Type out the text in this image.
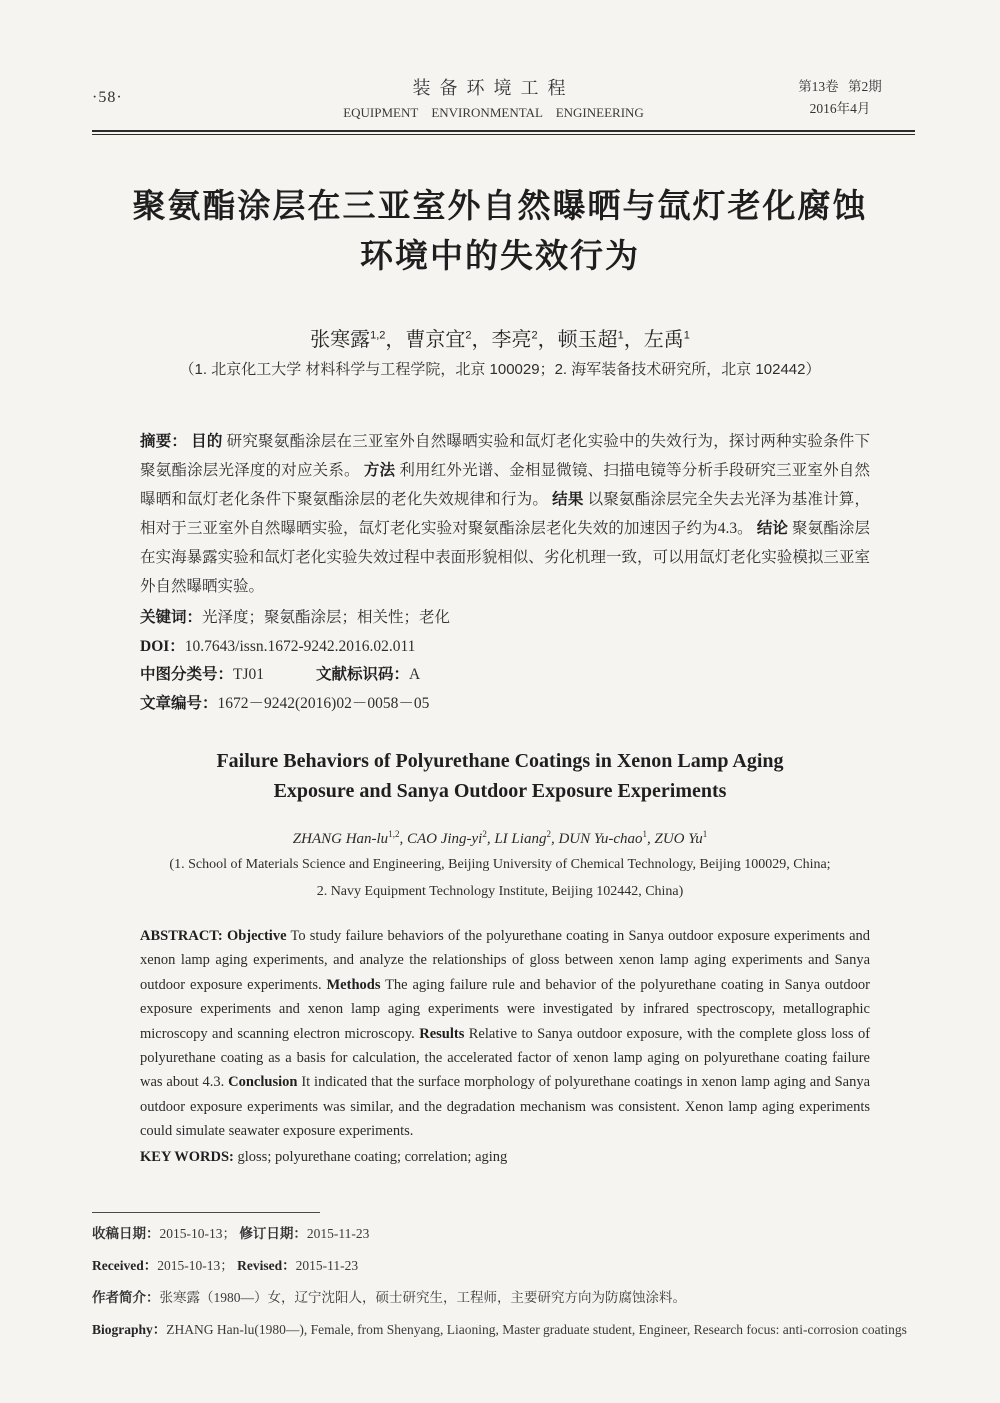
·58·	装备环境工程
EQUIPMENT ENVIRONMENTAL ENGINEERING
第13卷 第2期
2016年4月
聚氨酯涂层在三亚室外自然曝晒与氙灯老化腐蚀
环境中的失效行为
张寒露$^{1,2}$，曹京宜$^2$，李亮$^2$，顿玉超$^1$，左禹$^1$
（1. 北京化工大学 材料科学与工程学院，北京 100029；2. 海军装备技术研究所，北京 102442）
摘要： 目的 研究聚氨酯涂层在三亚室外自然曝晒实验和氙灯老化实验中的失效行为，探讨两种实验条件下聚氨酯涂层光泽度的对应关系。 方法 利用红外光谱、金相显微镜、扫描电镜等分析手段研究三亚室外自然曝晒和氙灯老化条件下聚氨酯涂层的老化失效规律和行为。 结果 以聚氨酯涂层完全失去光泽为基准计算，相对于三亚室外自然曝晒实验，氙灯老化实验对聚氨酯涂层老化失效的加速因子约为4.3。 结论 聚氨酯涂层在实海暴露实验和氙灯老化实验失效过程中表面形貌相似、劣化机理一致，可以用氙灯老化实验模拟三亚室外自然曝晒实验。
关键词：光泽度；聚氨酯涂层；相关性；老化
DOI：10.7643/issn.1672-9242.2016.02.011
中图分类号：TJ01	文献标识码：A
文章编号：1672－9242(2016)02－0058－05
Failure Behaviors of Polyurethane Coatings in Xenon Lamp Aging
Exposure and Sanya Outdoor Exposure Experiments
ZHANG Han-lu$^{1,2}$, CAO Jing-$yi^2$, LI Liang$^2$, DUN Yu-chao$^1$, ZUO Yu$^1$
(1. School of Materials Science and Engineering, Beijing University of Chemical Technology, Beijing 100029, China;
2. Navy Equipment Technology Institute, Beijing 102442, China)
ABSTRACT: Objective To study failure behaviors of the polyurethane coating in Sanya outdoor exposure experiments and xenon lamp aging experiments, and analyze the relationships of gloss between xenon lamp aging experiments and Sanya outdoor exposure experiments. Methods The aging failure rule and behavior of the polyurethane coating in Sanya outdoor exposure experiments and xenon lamp aging experiments were investigated by infrared spectroscopy, metallographic microscopy and scanning electron microscopy. Results Relative to Sanya outdoor exposure, with the complete gloss loss of polyurethane coating as a basis for calculation, the accelerated factor of xenon lamp aging on polyurethane coating failure was about 4.3. Conclusion It indicated that the surface morphology of polyurethane coatings in xenon lamp aging and Sanya outdoor exposure experiments was similar, and the degradation mechanism was consistent. Xenon lamp aging experiments could simulate seawater exposure experiments.
KEY WORDS: gloss; polyurethane coating; correlation; aging
收稿日期：2015-10-13； 修订日期：2015-11-23
Received：2015-10-13； Revised：2015-11-23
作者简介：张寒露（1980—）女，辽宁沈阳人，硕士研究生，工程师，主要研究方向为防腐蚀涂料。
Biography：ZHANG Han-lu(1980—), Female, from Shenyang, Liaoning, Master graduate student, Engineer, Research focus: anti-corrosion coatings
